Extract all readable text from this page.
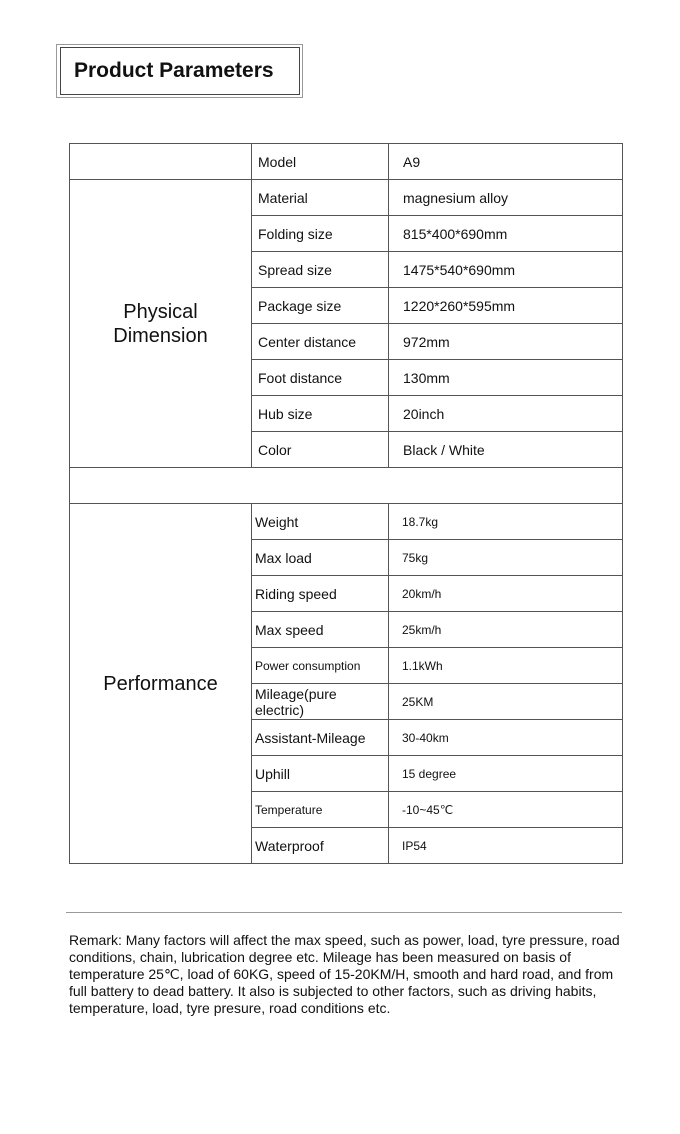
Product Parameters
	Model	A9

Physical
Dimension	Material	magnesium alloy
	Folding size	815*400*690mm
	Spread size	1475*540*690mm
	Package size	1220*260*595mm
	Center distance	972mm
	Foot distance	130mm
	Hub size	20inch
	Color	Black / White

Performance	Weight	18.7kg
	Max load	75kg
	Riding speed	20km/h
	Max speed	25km/h
	Power consumption	1.1kWh
	Mileage(pure electric)	25KM
	Assistant-Mileage	30-40km
	Uphill	15 degree
	Temperature	-10~45℃
	Waterproof	IP54

Remark: Many factors will affect the max speed, such as power, load, tyre pressure, road conditions, chain, lubrication degree etc. Mileage has been measured on basis of temperature 25℃, load of 60KG, speed of 15-20KM/H, smooth and hard road, and from full battery to dead battery. It also is subjected to other factors, such as driving habits, temperature, load, tyre presure, road conditions etc.
